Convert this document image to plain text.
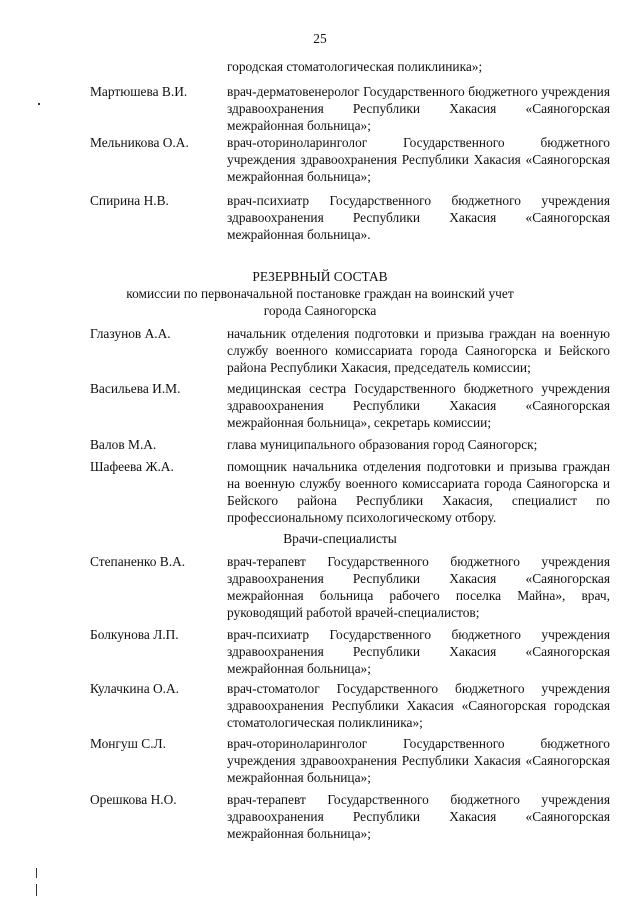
25
городская стоматологическая поликлиника»;
Мартюшева В.И.	врач-дерматовенеролог Государственного бюджетного учреждения здравоохранения Республики Хакасия «Саяногорская межрайонная больница»;
Мельникова О.А.	врач-оториноларинголог Государственного бюджетного учреждения здравоохранения Республики Хакасия «Саяногорская межрайонная больница»;
Спирина Н.В.	врач-психиатр Государственного бюджетного учреждения здравоохранения Республики Хакасия «Саяногорская межрайонная больница».
РЕЗЕРВНЫЙ СОСТАВ
комиссии по первоначальной постановке граждан на воинский учет
города Саяногорска
Глазунов А.А.	начальник отделения подготовки и призыва граждан на военную службу военного комиссариата города Саяногорска и Бейского района Республики Хакасия, председатель комиссии;
Васильева И.М.	медицинская сестра Государственного бюджетного учреждения здравоохранения Республики Хакасия «Саяногорская межрайонная больница», секретарь комиссии;
Валов М.А.	глава муниципального образования город Саяногорск;
Шафеева Ж.А.	помощник начальника отделения подготовки и призыва граждан на военную службу военного комиссариата города Саяногорска и Бейского района Республики Хакасия, специалист по профессиональному психологическому отбору.
Врачи-специалисты
Степаненко В.А.	врач-терапевт Государственного бюджетного учреждения здравоохранения Республики Хакасия «Саяногорская межрайонная больница рабочего поселка Майна», врач, руководящий работой врачей-специалистов;
Болкунова Л.П.	врач-психиатр Государственного бюджетного учреждения здравоохранения Республики Хакасия «Саяногорская межрайонная больница»;
Кулачкина О.А.	врач-стоматолог Государственного бюджетного учреждения здравоохранения Республики Хакасия «Саяногорская городская стоматологическая поликлиника»;
Монгуш С.Л.	врач-оториноларинголог Государственного бюджетного учреждения здравоохранения Республики Хакасия «Саяногорская межрайонная больница»;
Орешкова Н.О.	врач-терапевт Государственного бюджетного учреждения здравоохранения Республики Хакасия «Саяногорская межрайонная больница»;
